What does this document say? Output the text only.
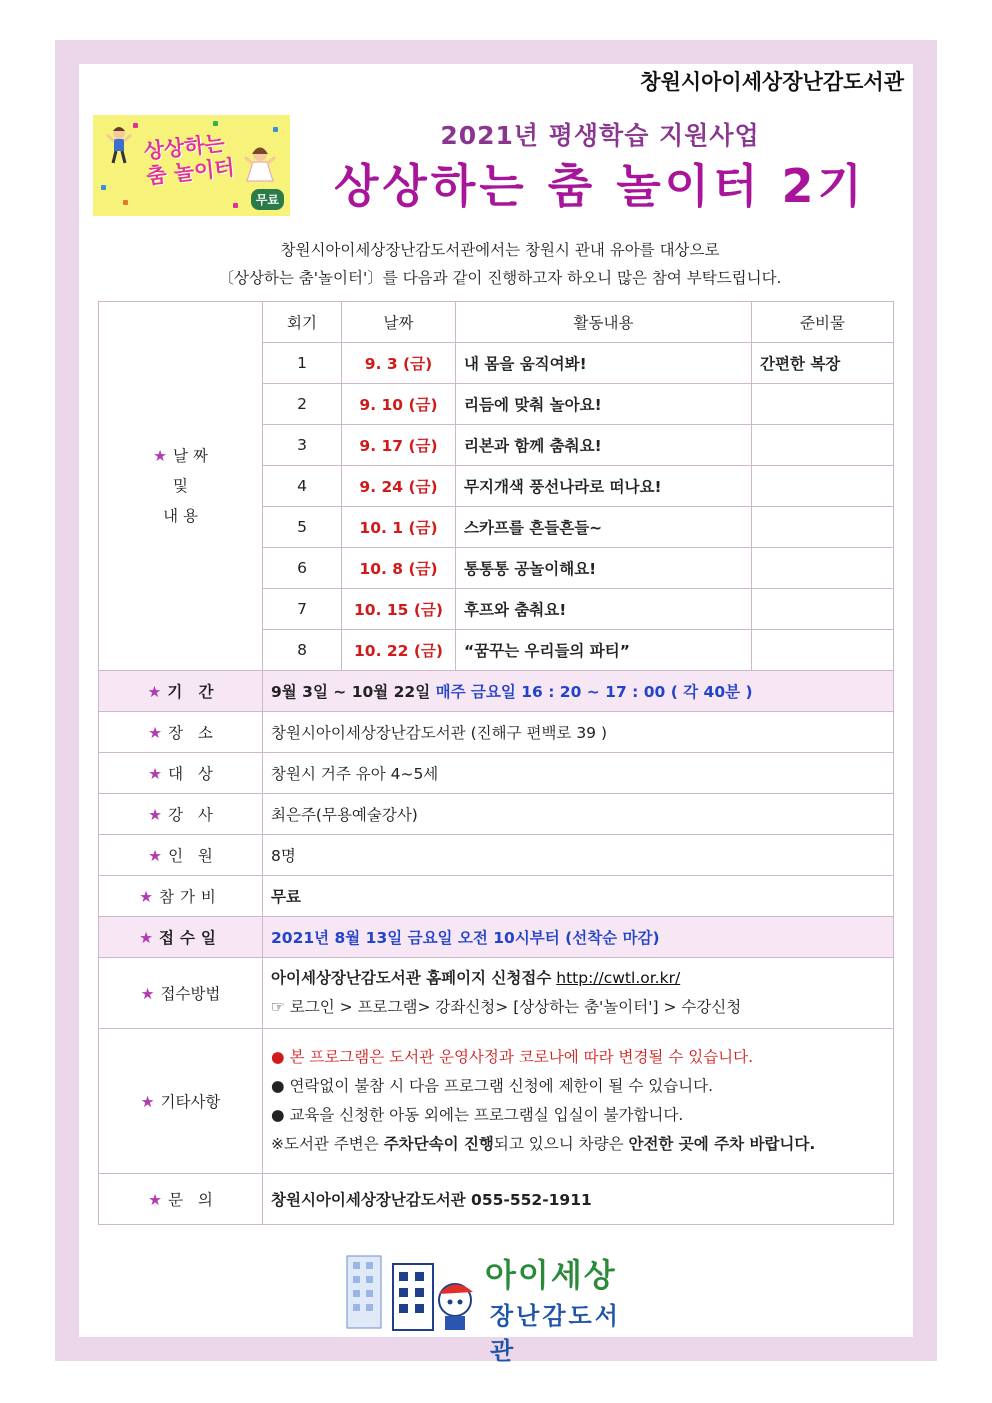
창원시아이세상장난감도서관
상상하는
춤 놀이터
무료
2021년 평생학습 지원사업
상상하는 춤 놀이터 2기
창원시아이세상장난감도서관에서는 창원시 관내 유아를 대상으로
〔상상하는 춤'놀이터'〕를 다음과 같이 진행하고자 하오니 많은 참여 부탁드립니다.
★ 날 짜
및
내 용	회기	날짜	활동내용	준비물
	1	9. 3 (금)	내 몸을 움직여봐!	간편한 복장
	2	9. 10 (금)	리듬에 맞춰 놀아요!	
	3	9. 17 (금)	리본과 함께 춤춰요!	
	4	9. 24 (금)	무지개색 풍선나라로 떠나요!	
	5	10. 1 (금)	스카프를 흔들흔들~	
	6	10. 8 (금)	통통통 공놀이해요!	
	7	10. 15 (금)	후프와 춤춰요!	
	8	10. 22 (금)	“꿈꾸는 우리들의 파티”	
★ 기   간	9월 3일 ~ 10월 22일 매주 금요일 16 : 20 ~ 17 : 00 ( 각 40분 )			
★ 장   소	창원시아이세상장난감도서관 (진해구 편백로 39 )			
★ 대   상	창원시 거주 유아 4~5세			
★ 강   사	최은주(무용예술강사)			
★ 인   원	8명			
★ 참가비	무료			
★ 접수일	2021년 8월 13일 금요일 오전 10시부터 (선착순 마감)			
★ 접수방법	아이세상장난감도서관 홈페이지 신청접수 http://cwtl.or.kr/
☞ 로그인 > 프로그램> 강좌신청> [상상하는 춤'놀이터'] > 수강신청			

★ 기타사항	● 본 프로그램은 도서관 운영사정과 코로나에 따라 변경될 수 있습니다.
● 연락없이 불참 시 다음 프로그램 신청에 제한이 될 수 있습니다.
● 교육을 신청한 아동 외에는 프로그램실 입실이 불가합니다.
※도서관 주변은 주차단속이 진행되고 있으니 차량은 안전한 곳에 주차 바랍니다.			

★ 문   의	창원시아이세상장난감도서관 055-552-1911			
아이세상
장난감도서관
